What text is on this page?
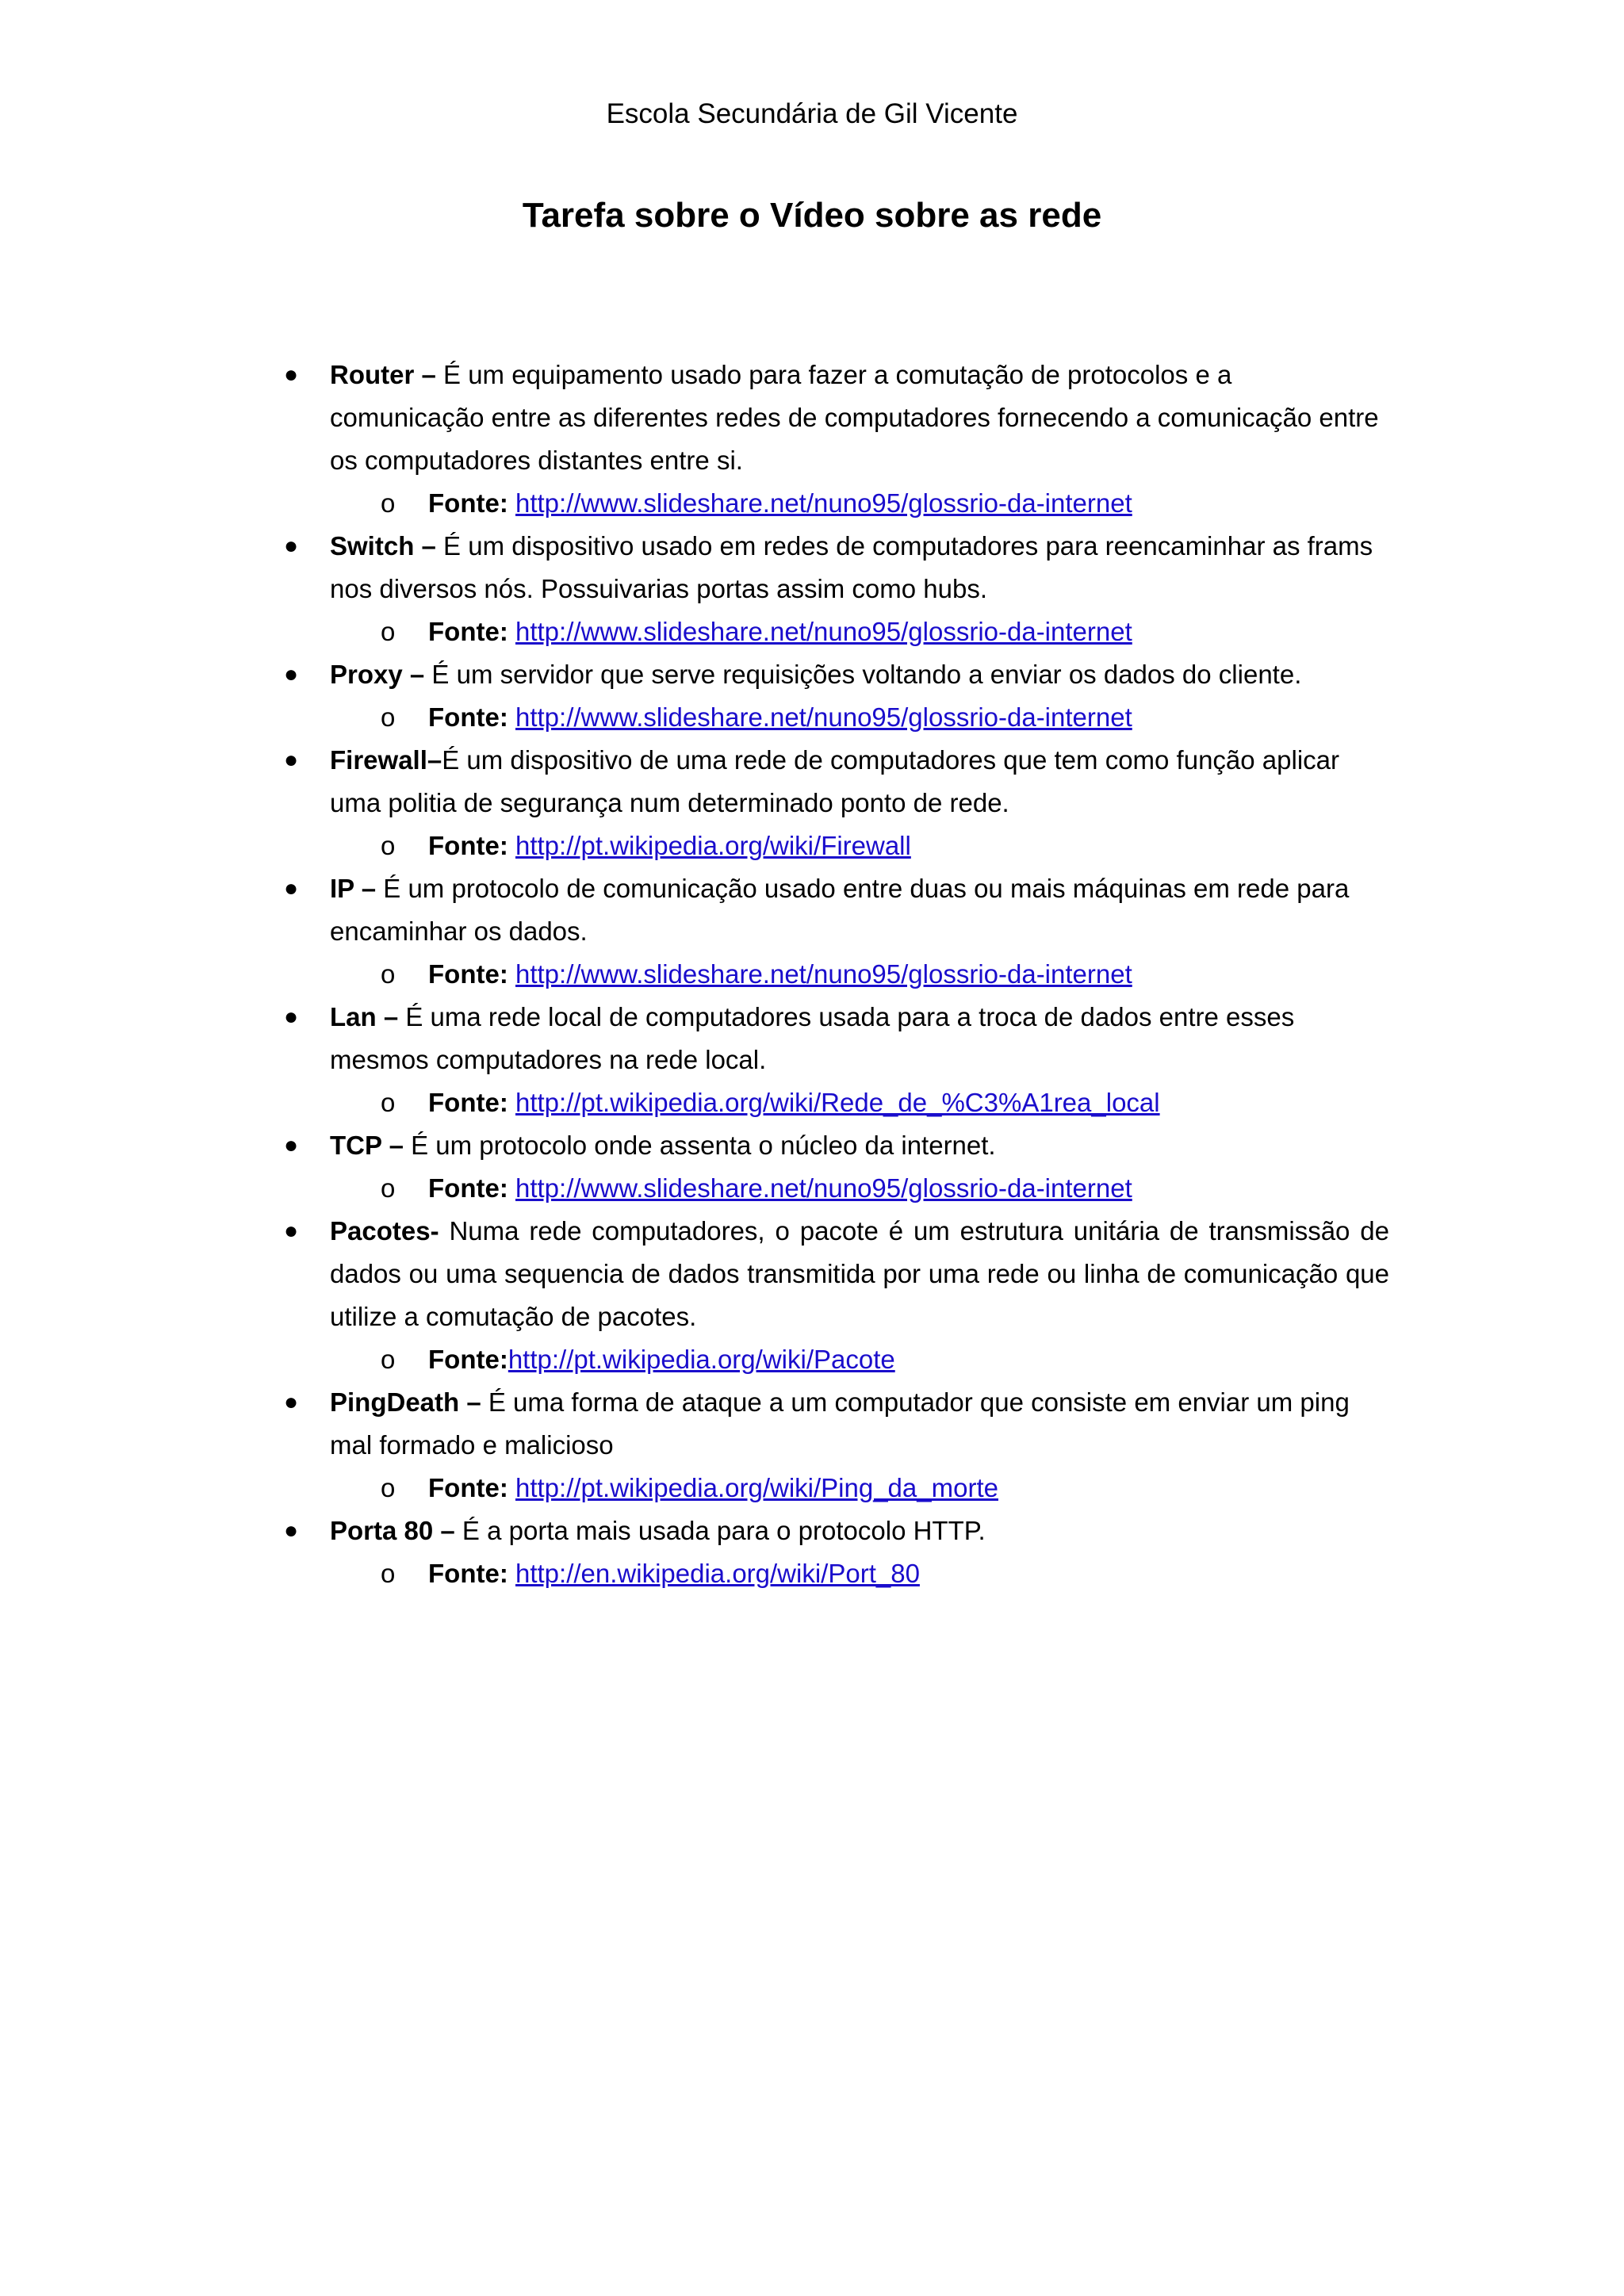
Escola Secundária de Gil Vicente
Tarefa sobre o Vídeo sobre as rede
● Router – É um equipamento usado para fazer a comutação de protocolos e a comunicação entre as diferentes redes de computadores fornecendo a comunicação entre os computadores distantes entre si.
o Fonte: http://www.slideshare.net/nuno95/glossrio-da-internet
● Switch – É um dispositivo usado em redes de computadores para reencaminhar as frams nos diversos nós. Possuivarias portas assim como hubs.
o Fonte: http://www.slideshare.net/nuno95/glossrio-da-internet
● Proxy – É um servidor que serve requisições voltando a enviar os dados do cliente.
o Fonte: http://www.slideshare.net/nuno95/glossrio-da-internet
● Firewall–É um dispositivo de uma rede de computadores que tem como função aplicar uma politia de segurança num determinado ponto de rede.
o Fonte: http://pt.wikipedia.org/wiki/Firewall
● IP – É um protocolo de comunicação usado entre duas ou mais máquinas em rede para encaminhar os dados.
o Fonte: http://www.slideshare.net/nuno95/glossrio-da-internet
● Lan – É uma rede local de computadores usada para a troca de dados entre esses mesmos computadores na rede local.
o Fonte: http://pt.wikipedia.org/wiki/Rede_de_%C3%A1rea_local
● TCP – É um protocolo onde assenta o núcleo da internet.
o Fonte: http://www.slideshare.net/nuno95/glossrio-da-internet
● Pacotes- Numa rede computadores, o pacote é um estrutura unitária de transmissão de dados ou uma sequencia de dados transmitida por uma rede ou linha de comunicação que utilize a comutação de pacotes.
o Fonte:http://pt.wikipedia.org/wiki/Pacote
● PingDeath – É uma forma de ataque a um computador que consiste em enviar um ping mal formado e malicioso
o Fonte: http://pt.wikipedia.org/wiki/Ping_da_morte
● Porta 80 – É a porta mais usada para o protocolo HTTP.
o Fonte: http://en.wikipedia.org/wiki/Port_80
